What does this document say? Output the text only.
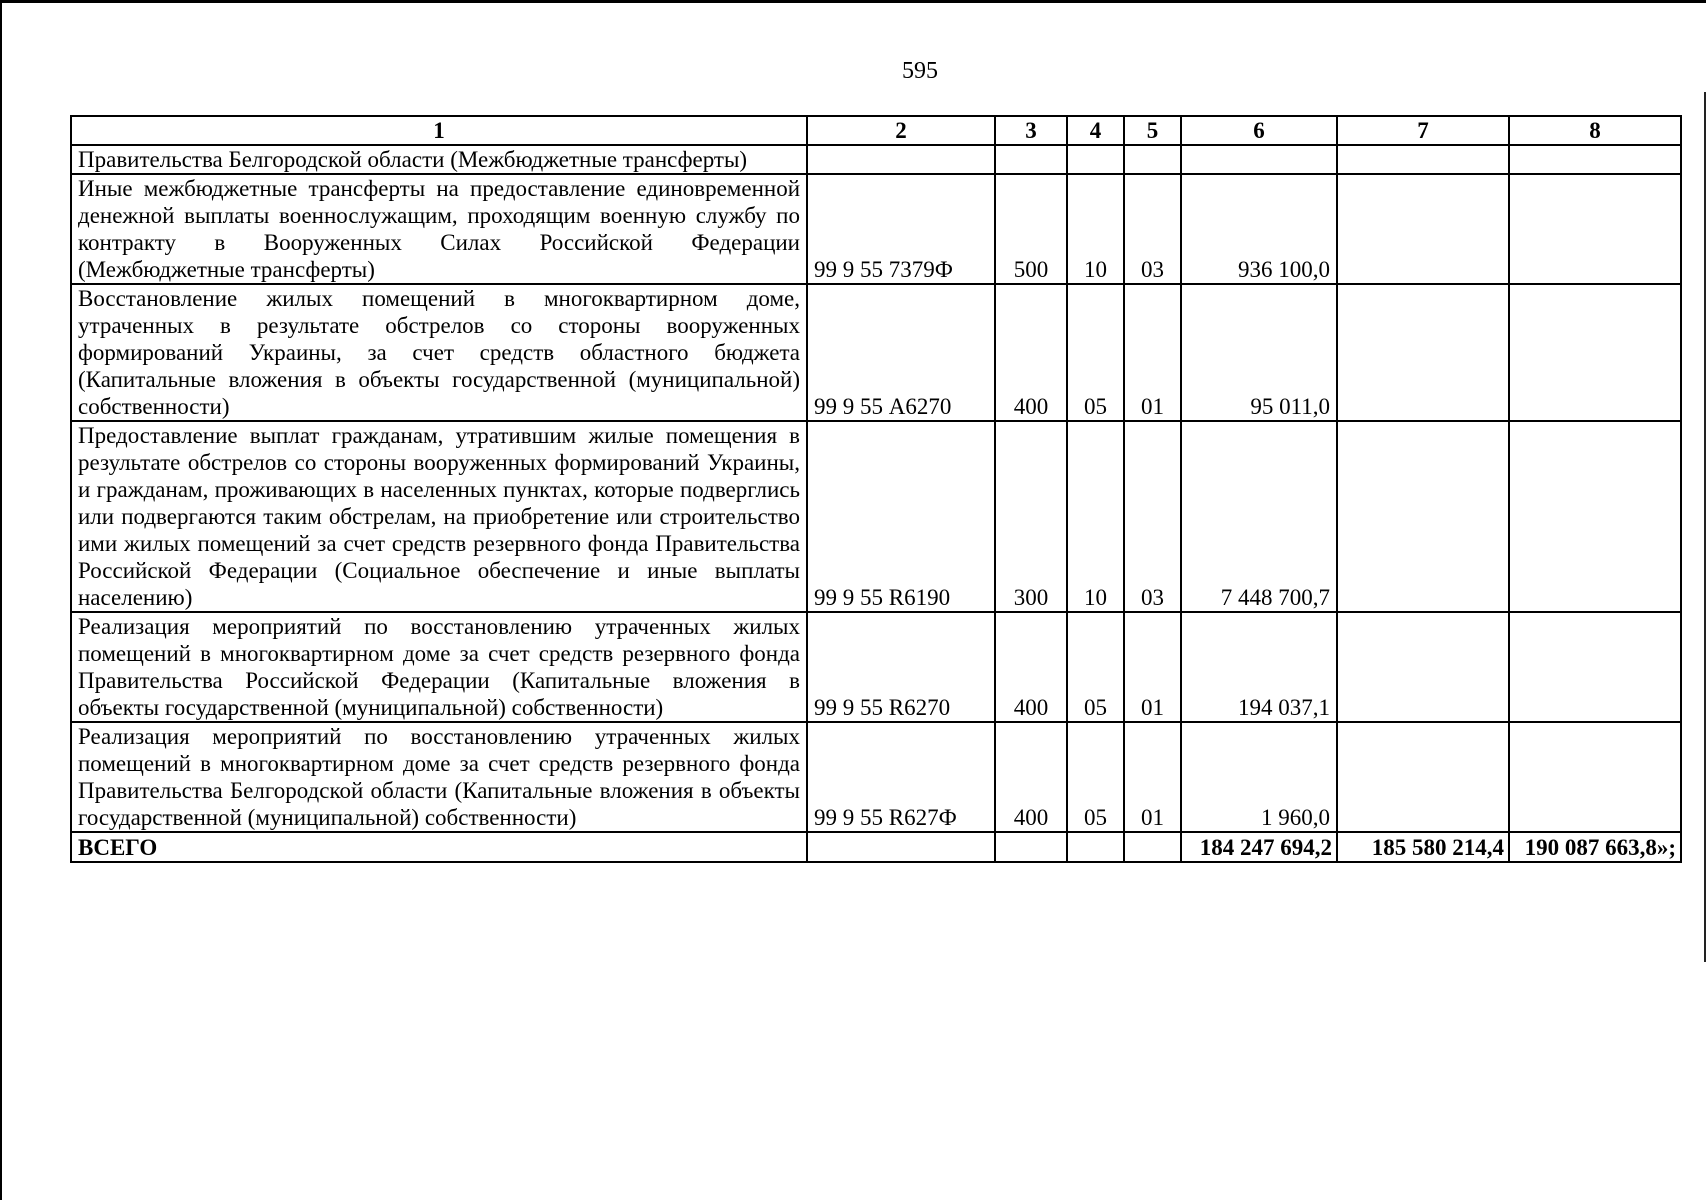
595
1	2	3	4	5	6	7	8
Правительства Белгородской области (Межбюджетные трансферты)							
Иные межбюджетные трансферты на предоставление единовременной денежной выплаты военнослужащим, проходящим военную службу по контракту в Вооруженных Силах Российской Федерации (Межбюджетные трансферты)	99 9 55 7379Ф	500	10	03	936 100,0		
Восстановление жилых помещений в многоквартирном доме, утраченных в результате обстрелов со стороны вооруженных формирований Украины, за счет средств областного бюджета (Капитальные вложения в объекты государственной (муниципальной) собственности)	99 9 55 А6270	400	05	01	95 011,0		
Предоставление выплат гражданам, утратившим жилые помещения в результате обстрелов со стороны вооруженных формирований Украины, и гражданам, проживающих в населенных пунктах, которые подверглись или подвергаются таким обстрелам, на приобретение или строительство ими жилых помещений за счет средств резервного фонда Правительства Российской Федерации (Социальное обеспечение и иные выплаты населению)	99 9 55 R6190	300	10	03	7 448 700,7		
Реализация мероприятий по восстановлению утраченных жилых помещений в многоквартирном доме за счет средств резервного фонда Правительства Российской Федерации (Капитальные вложения в объекты государственной (муниципальной) собственности)	99 9 55 R6270	400	05	01	194 037,1		
Реализация мероприятий по восстановлению утраченных жилых помещений в многоквартирном доме за счет средств резервного фонда Правительства Белгородской области (Капитальные вложения в объекты государственной (муниципальной) собственности)	99 9 55 R627Ф	400	05	01	1 960,0		
ВСЕГО					184 247 694,2	185 580 214,4	190 087 663,8»;
